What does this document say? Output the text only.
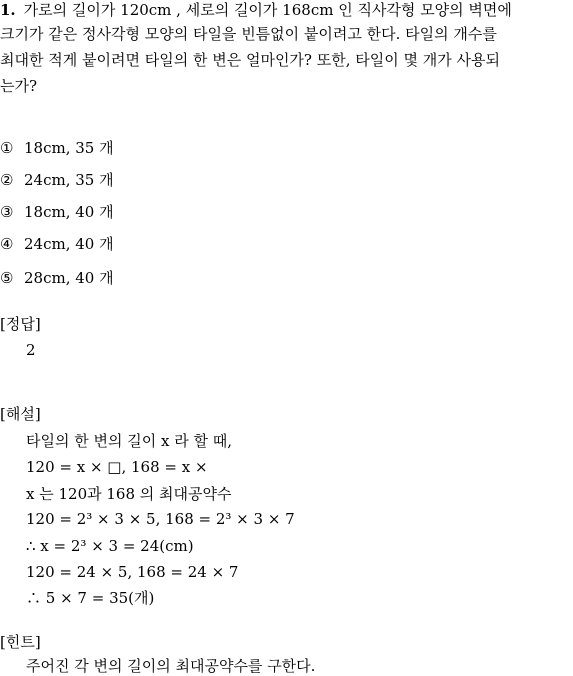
1. 가로의 길이가 120cm , 세로의 길이가 168cm 인 직사각형 모양의 벽면에
크기가 같은 정사각형 모양의 타일을 빈틈없이 붙이려고 한다. 타일의 개수를
최대한 적게 붙이려면 타일의 한 변은 얼마인가? 또한, 타일이 몇 개가 사용되
는가?
① 18cm, 35 개
② 24cm, 35 개
③ 18cm, 40 개
④ 24cm, 40 개
⑤ 28cm, 40 개
[정답]
2
[해설]
타일의 한 변의 길이 x 라 할 때,
120 = x × □, 168 = x ×
x 는 120과 168 의 최대공약수
120 = 2³ × 3 × 5, 168 = 2³ × 3 × 7
∴ x = 2³ × 3 = 24(cm)
120 = 24 × 5, 168 = 24 × 7
∴ 5 × 7 = 35(개)
[힌트]
주어진 각 변의 길이의 최대공약수를 구한다.
